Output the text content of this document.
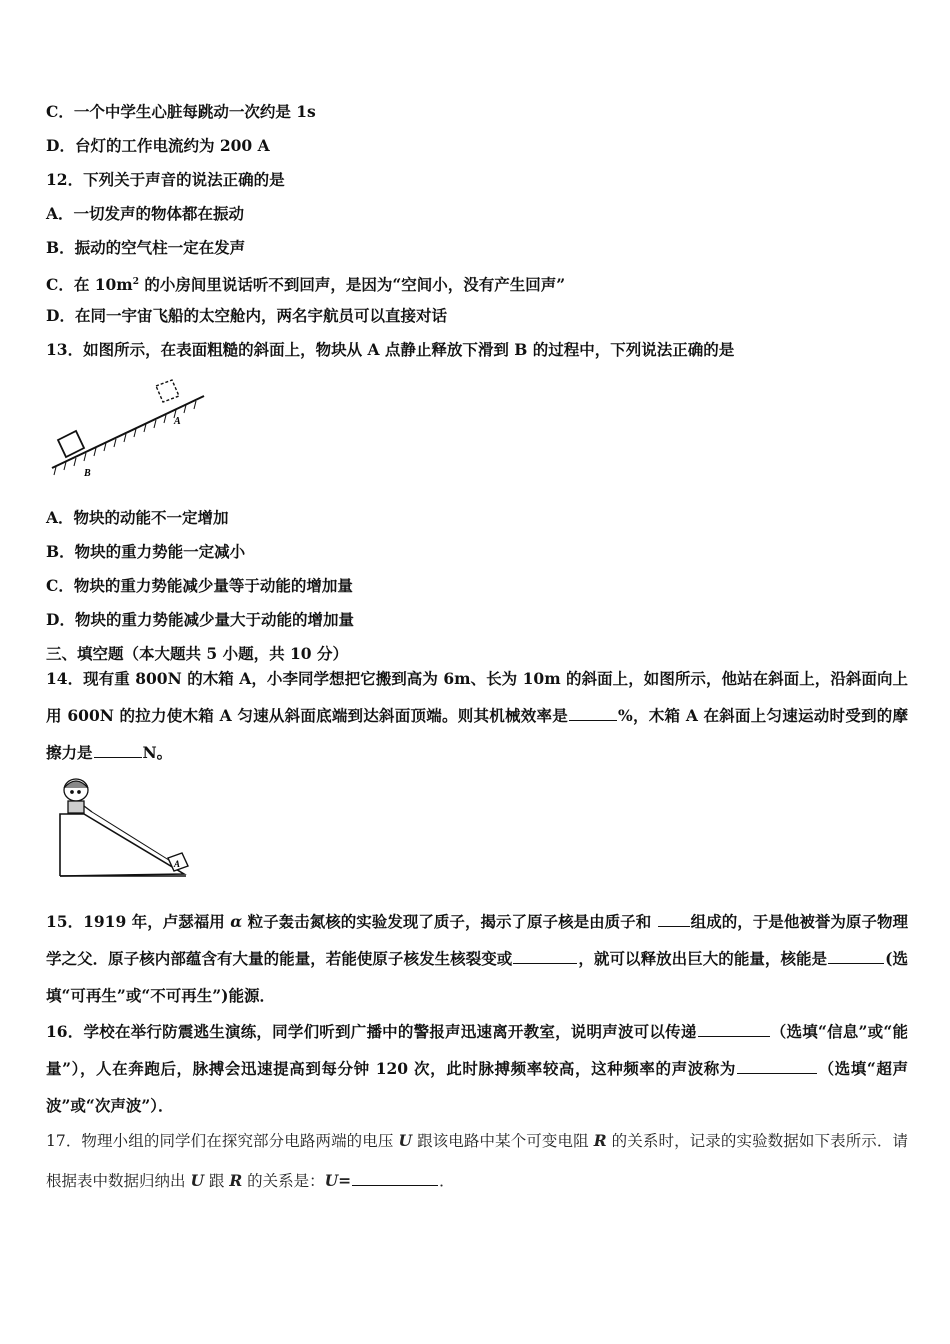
C．一个中学生心脏每跳动一次约是 1s
D．台灯的工作电流约为 200 A
12．下列关于声音的说法正确的是
A．一切发声的物体都在振动
B．振动的空气柱一定在发声
C．在 $10m^2$ 的小房间里说话听不到回声，是因为“空间小，没有产生回声”
D．在同一宇宙飞船的太空舱内，两名宇航员可以直接对话
13．如图所示，在表面粗糙的斜面上，物块从 A 点静止释放下滑到 B 的过程中，下列说法正确的是
A
B
A．物块的动能不一定增加
B．物块的重力势能一定减小
C．物块的重力势能减少量等于动能的增加量
D．物块的重力势能减少量大于动能的增加量
三、填空题（本大题共 5 小题，共 10 分）
14．现有重 800N 的木箱 A，小李同学想把它搬到高为 6m、长为 10m 的斜面上，如图所示，他站在斜面上，沿斜面向上用 600N 的拉力使木箱 A 匀速从斜面底端到达斜面顶端。则其机械效率是	%，木箱 A 在斜面上匀速运动时受到的摩擦力是	N。
A
15．1919 年，卢瑟福用 α 粒子轰击氮核的实验发现了质子，揭示了原子核是由质子和 组成的，于是他被誉为原子物理学之父．原子核内部蕴含有大量的能量，若能使原子核发生核裂变或	，就可以释放出巨大的能量，核能是	(选填“可再生”或“不可再生”)能源．
16．学校在举行防震逃生演练，同学们听到广播中的警报声迅速离开教室，说明声波可以传递	（选填“信息”或“能量”），人在奔跑后，脉搏会迅速提高到每分钟 120 次，此时脉搏频率较高，这种频率的声波称为	（选填“超声波”或“次声波”）．
17．物理小组的同学们在探究部分电路两端的电压 U 跟该电路中某个可变电阻 R 的关系时，记录的实验数据如下表所示．请根据表中数据归纳出 U 跟 R 的关系是：U=	．
